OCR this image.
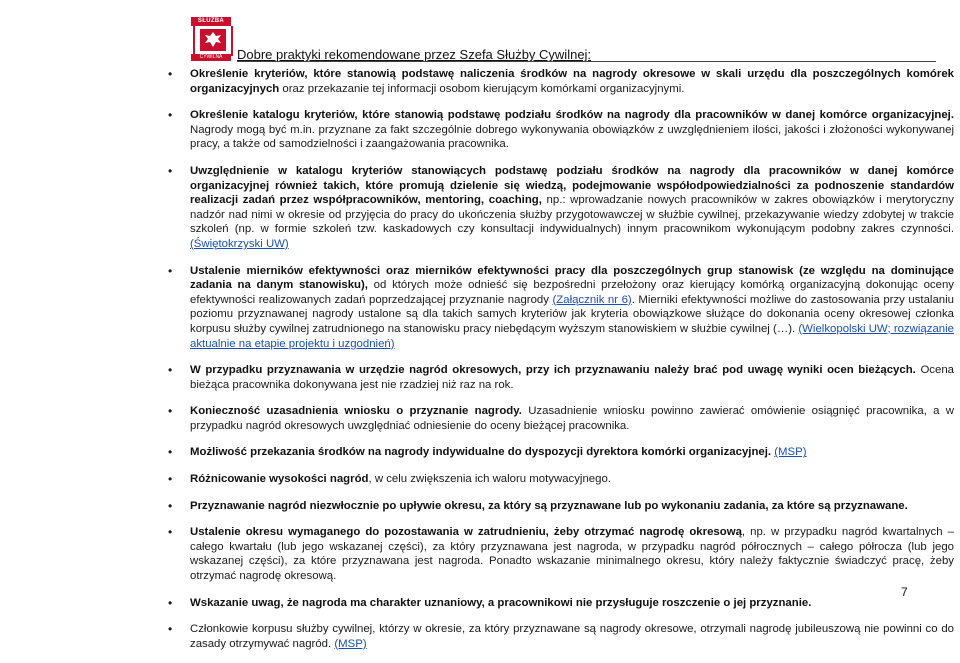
SŁUŻBA
CYWILNA	Dobre praktyki rekomendowane przez Szefa Służby Cywilnej:
• Określenie kryteriów, które stanowią podstawę naliczenia środków na nagrody okresowe w skali urzędu dla poszczególnych komórek organizacyjnych oraz przekazanie tej informacji osobom kierującym komórkami organizacyjnymi.
• Określenie katalogu kryteriów, które stanowią podstawę podziału środków na nagrody dla pracowników w danej komórce organizacyjnej. Nagrody mogą być m.in. przyznane za fakt szczególnie dobrego wykonywania obowiązków z uwzględnieniem ilości, jakości i złożoności wykonywanej pracy, a także od samodzielności i zaangażowania pracownika.
• Uwzględnienie w katalogu kryteriów stanowiących podstawę podziału środków na nagrody dla pracowników w danej komórce organizacyjnej również takich, które promują dzielenie się wiedzą, podejmowanie współodpowiedzialności za podnoszenie standardów realizacji zadań przez współpracowników, mentoring, coaching, np.: wprowadzanie nowych pracowników w zakres obowiązków i merytoryczny nadzór nad nimi w okresie od przyjęcia do pracy do ukończenia służby przygotowawczej w służbie cywilnej, przekazywanie wiedzy zdobytej w trakcie szkoleń (np. w formie szkoleń tzw. kaskadowych czy konsultacji indywidualnych) innym pracownikom wykonującym podobny zakres czynności. (Świętokrzyski UW)
• Ustalenie mierników efektywności oraz mierników efektywności pracy dla poszczególnych grup stanowisk (ze względu na dominujące zadania na danym stanowisku), od których może odnieść się bezpośredni przełożony oraz kierujący komórką organizacyjną dokonując oceny efektywności realizowanych zadań poprzedzającej przyznanie nagrody (Załącznik nr 6). Mierniki efektywności możliwe do zastosowania przy ustalaniu poziomu przyznawanej nagrody ustalone są dla takich samych kryteriów jak kryteria obowiązkowe służące do dokonania oceny okresowej członka korpusu służby cywilnej zatrudnionego na stanowisku pracy niebędącym wyższym stanowiskiem w służbie cywilnej (…). (Wielkopolski UW; rozwiązanie aktualnie na etapie projektu i uzgodnień)
• W przypadku przyznawania w urzędzie nagród okresowych, przy ich przyznawaniu należy brać pod uwagę wyniki ocen bieżących. Ocena bieżąca pracownika dokonywana jest nie rzadziej niż raz na rok.
• Konieczność uzasadnienia wniosku o przyznanie nagrody. Uzasadnienie wniosku powinno zawierać omówienie osiągnięć pracownika, a w przypadku nagród okresowych uwzględniać odniesienie do oceny bieżącej pracownika.
• Możliwość przekazania środków na nagrody indywidualne do dyspozycji dyrektora komórki organizacyjnej. (MSP)
• Różnicowanie wysokości nagród, w celu zwiększenia ich waloru motywacyjnego.
• Przyznawanie nagród niezwłocznie po upływie okresu, za który są przyznawane lub po wykonaniu zadania, za które są przyznawane.
• Ustalenie okresu wymaganego do pozostawania w zatrudnieniu, żeby otrzymać nagrodę okresową, np. w przypadku nagród kwartalnych – całego kwartału (lub jego wskazanej części), za który przyznawana jest nagroda, w przypadku nagród półrocznych – całego półrocza (lub jego wskazanej części), za które przyznawana jest nagroda. Ponadto wskazanie minimalnego okresu, który należy faktycznie świadczyć pracę, żeby otrzymać nagrodę okresową.
• Wskazanie uwag, że nagroda ma charakter uznaniowy, a pracownikowi nie przysługuje roszczenie o jej przyznanie.
• Członkowie korpusu służby cywilnej, którzy w okresie, za który przyznawane są nagrody okresowe, otrzymali nagrodę jubileuszową nie powinni co do zasady otrzymywać nagród. (MSP)
7
